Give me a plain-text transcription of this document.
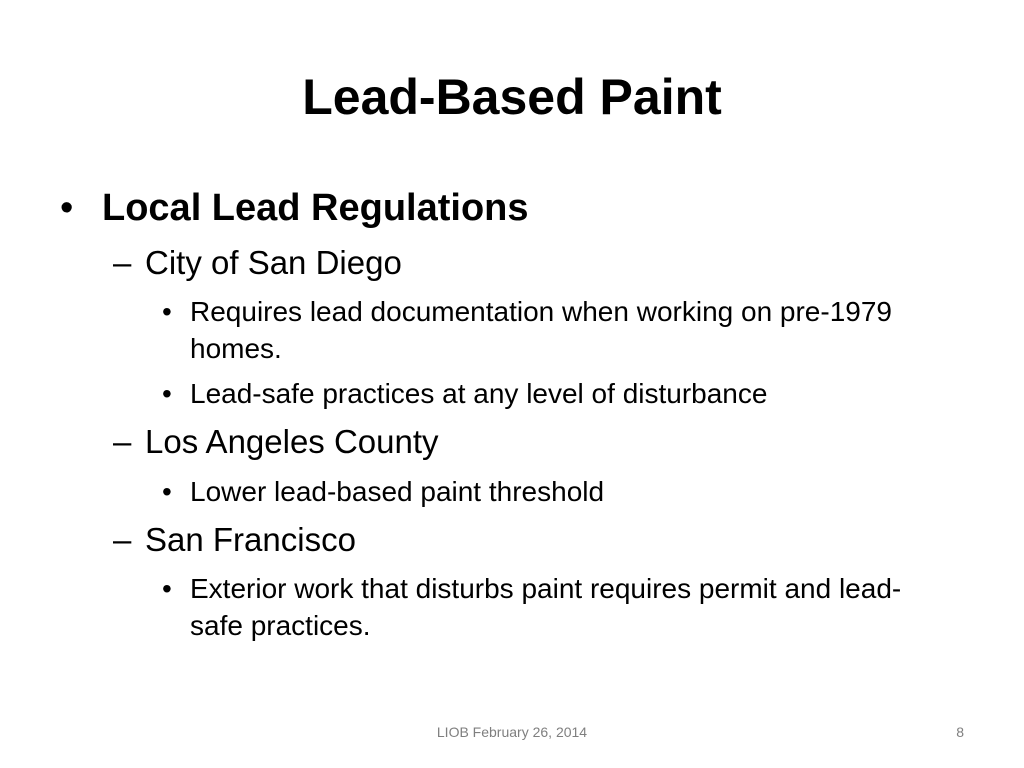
Lead-Based Paint
• Local Lead Regulations
– City of San Diego
• Requires lead documentation when working on pre-1979 homes.
• Lead-safe practices at any level of disturbance
– Los Angeles County
• Lower lead-based paint threshold
– San Francisco
• Exterior work that disturbs paint requires permit and lead-safe practices.
LIOB February 26, 2014	8
